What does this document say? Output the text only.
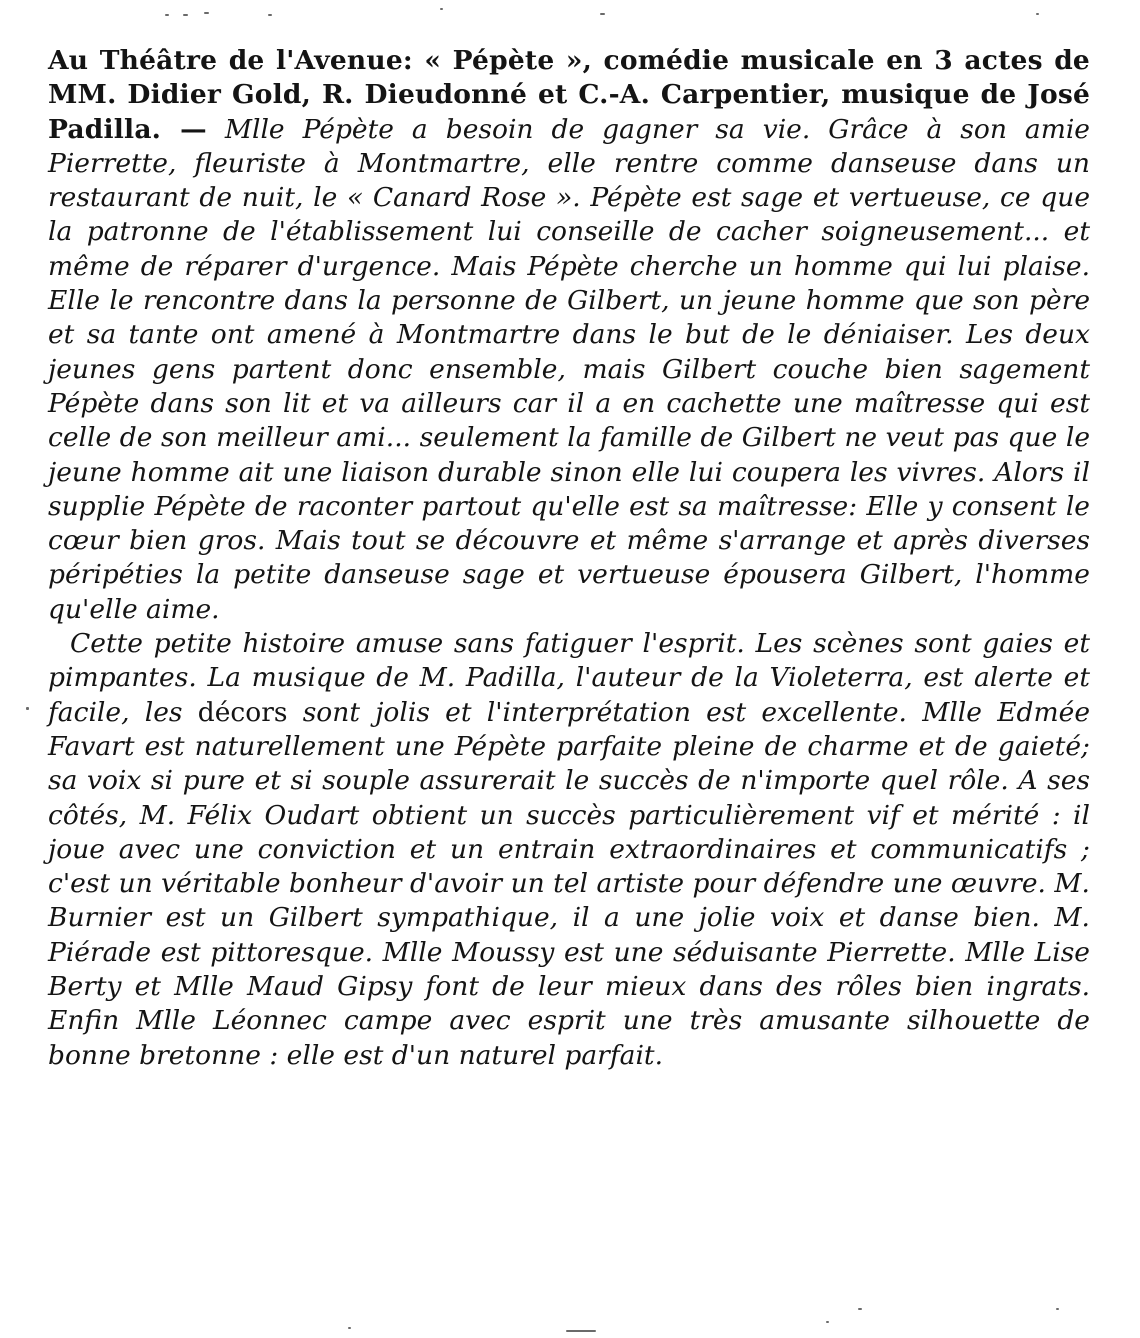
Au Théâtre de l'Avenue: « Pépète », comédie musicale en 3 actes de MM. Didier Gold, R. Dieudonné et C.-A. Carpentier, musique de José Padilla. — Mlle Pépète a besoin de gagner sa vie. Grâce à son amie Pierrette, fleuriste à Montmartre, elle rentre comme danseuse dans un restaurant de nuit, le « Canard Rose ». Pépète est sage et vertueuse, ce que la patronne de l'établissement lui conseille de cacher soigneusement... et même de réparer d'urgence. Mais Pépète cherche un homme qui lui plaise. Elle le rencontre dans la personne de Gilbert, un jeune homme que son père et sa tante ont amené à Montmartre dans le but de le déniaiser. Les deux jeunes gens partent donc ensemble, mais Gilbert couche bien sagement Pépète dans son lit et va ailleurs car il a en cachette une maîtresse qui est celle de son meilleur ami... seulement la famille de Gilbert ne veut pas que le jeune homme ait une liaison durable sinon elle lui coupera les vivres. Alors il supplie Pépète de raconter partout qu'elle est sa maîtresse: Elle y consent le cœur bien gros. Mais tout se découvre et même s'arrange et après diverses péripéties la petite danseuse sage et vertueuse épousera Gilbert, l'homme qu'elle aime.

Cette petite histoire amuse sans fatiguer l'esprit. Les scènes sont gaies et pimpantes. La musique de M. Padilla, l'auteur de la Violeterra, est alerte et facile, les décors sont jolis et l'interprétation est excellente. Mlle Edmée Favart est naturellement une Pépète parfaite pleine de charme et de gaieté; sa voix si pure et si souple assurerait le succès de n'importe quel rôle. A ses côtés, M. Félix Oudart obtient un succès particulièrement vif et mérité : il joue avec une conviction et un entrain extraordinaires et communicatifs ; c'est un véritable bonheur d'avoir un tel artiste pour défendre une œuvre. M. Burnier est un Gilbert sympathique, il a une jolie voix et danse bien. M. Piérade est pittoresque. Mlle Moussy est une séduisante Pierrette. Mlle Lise Berty et Mlle Maud Gipsy font de leur mieux dans des rôles bien ingrats. Enfin Mlle Léonnec campe avec esprit une très amusante silhouette de bonne bretonne : elle est d'un naturel parfait.
